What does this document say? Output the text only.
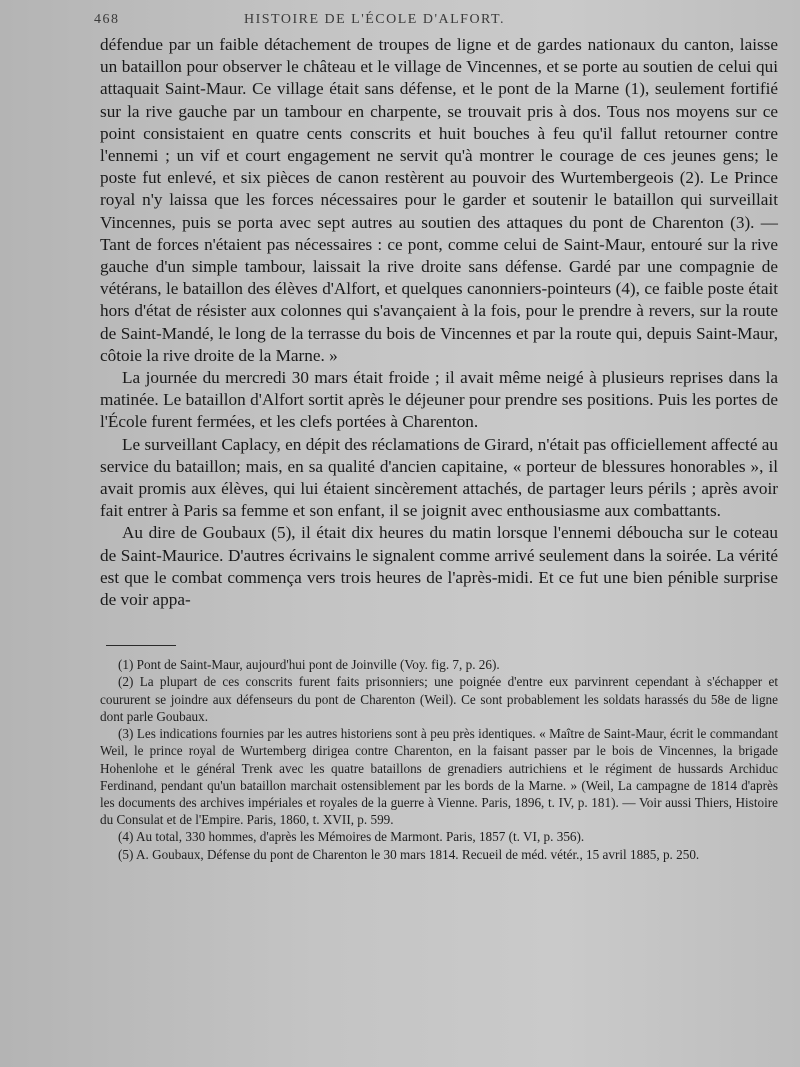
468	HISTOIRE DE L'ÉCOLE D'ALFORT.

défendue par un faible détachement de troupes de ligne et de gardes nationaux du canton, laisse un bataillon pour observer le château et le village de Vincennes, et se porte au soutien de celui qui attaquait Saint-Maur. Ce village était sans défense, et le pont de la Marne (1), seulement fortifié sur la rive gauche par un tambour en charpente, se trouvait pris à dos. Tous nos moyens sur ce point consistaient en quatre cents conscrits et huit bouches à feu qu'il fallut retourner contre l'ennemi ; un vif et court engagement ne servit qu'à montrer le courage de ces jeunes gens; le poste fut enlevé, et six pièces de canon restèrent au pouvoir des Wurtembergeois (2). Le Prince royal n'y laissa que les forces nécessaires pour le garder et soutenir le bataillon qui surveillait Vincennes, puis se porta avec sept autres au soutien des attaques du pont de Charenton (3). — Tant de forces n'étaient pas nécessaires : ce pont, comme celui de Saint-Maur, entouré sur la rive gauche d'un simple tambour, laissait la rive droite sans défense. Gardé par une compagnie de vétérans, le bataillon des élèves d'Alfort, et quelques canonniers-pointeurs (4), ce faible poste était hors d'état de résister aux colonnes qui s'avançaient à la fois, pour le prendre à revers, sur la route de Saint-Mandé, le long de la terrasse du bois de Vincennes et par la route qui, depuis Saint-Maur, côtoie la rive droite de la Marne. »

La journée du mercredi 30 mars était froide ; il avait même neigé à plusieurs reprises dans la matinée. Le bataillon d'Alfort sortit après le déjeuner pour prendre ses positions. Puis les portes de l'École furent fermées, et les clefs portées à Charenton.

Le surveillant Caplacy, en dépit des réclamations de Girard, n'était pas officiellement affecté au service du bataillon; mais, en sa qualité d'ancien capitaine, « porteur de blessures honorables », il avait promis aux élèves, qui lui étaient sincèrement attachés, de partager leurs périls ; après avoir fait entrer à Paris sa femme et son enfant, il se joignit avec enthousiasme aux combattants.

Au dire de Goubaux (5), il était dix heures du matin lorsque l'ennemi déboucha sur le coteau de Saint-Maurice. D'autres écrivains le signalent comme arrivé seulement dans la soirée. La vérité est que le combat commença vers trois heures de l'après-midi. Et ce fut une bien pénible surprise de voir appa-

(1) Pont de Saint-Maur, aujourd'hui pont de Joinville (Voy. fig. 7, p. 26).

(2) La plupart de ces conscrits furent faits prisonniers; une poignée d'entre eux parvinrent cependant à s'échapper et coururent se joindre aux défenseurs du pont de Charenton (Weil). Ce sont probablement les soldats harassés du 58e de ligne dont parle Goubaux.

(3) Les indications fournies par les autres historiens sont à peu près identiques. « Maître de Saint-Maur, écrit le commandant Weil, le prince royal de Wurtemberg dirigea contre Charenton, en la faisant passer par le bois de Vincennes, la brigade Hohenlohe et le général Trenk avec les quatre bataillons de grenadiers autrichiens et le régiment de hussards Archiduc Ferdinand, pendant qu'un bataillon marchait ostensiblement par les bords de la Marne. » (Weil, La campagne de 1814 d'après les documents des archives impériales et royales de la guerre à Vienne. Paris, 1896, t. IV, p. 181). — Voir aussi Thiers, Histoire du Consulat et de l'Empire. Paris, 1860, t. XVII, p. 599.

(4) Au total, 330 hommes, d'après les Mémoires de Marmont. Paris, 1857 (t. VI, p. 356).

(5) A. Goubaux, Défense du pont de Charenton le 30 mars 1814. Recueil de méd. vétér., 15 avril 1885, p. 250.
